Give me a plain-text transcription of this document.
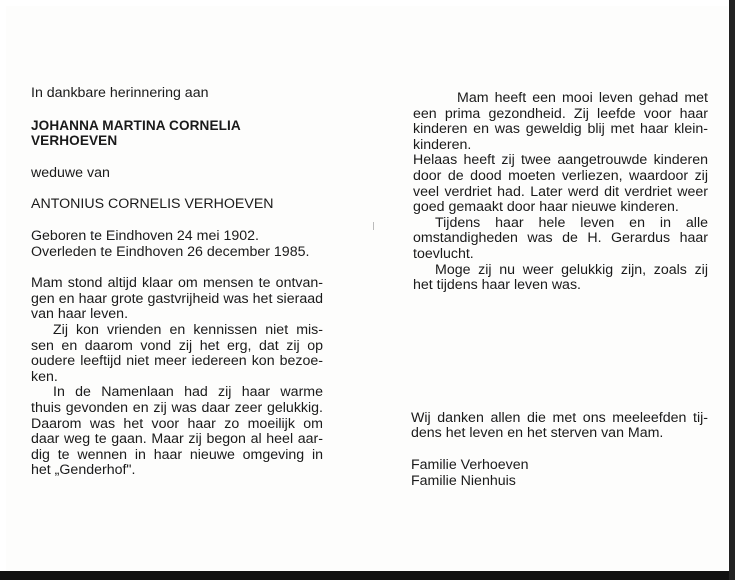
In dankbare herinnering aan

JOHANNA MARTINA CORNELIA

VERHOEVEN

weduwe van

ANTONIUS CORNELIS VERHOEVEN

Geboren te Eindhoven 24 mei 1902.

Overleden te Eindhoven 26 december 1985.

Mam stond altijd klaar om mensen te ontvan-

gen en haar grote gastvrijheid was het sieraad

van haar leven.

Zij kon vrienden en kennissen niet mis-

sen en daarom vond zij het erg, dat zij op

oudere leeftijd niet meer iedereen kon bezoe-

ken.

In de Namenlaan had zij haar warme

thuis gevonden en zij was daar zeer gelukkig.

Daarom was het voor haar zo moeilijk om

daar weg te gaan. Maar zij begon al heel aar-

dig te wennen in haar nieuwe omgeving in

het „Genderhof".

Mam heeft een mooi leven gehad met

een prima gezondheid. Zij leefde voor haar

kinderen en was geweldig blij met haar klein-

kinderen.

Helaas heeft zij twee aangetrouwde kinderen

door de dood moeten verliezen, waardoor zij

veel verdriet had. Later werd dit verdriet weer

goed gemaakt door haar nieuwe kinderen.

Tijdens haar hele leven en in alle

omstandigheden was de H. Gerardus haar

toevlucht.

Moge zij nu weer gelukkig zijn, zoals zij

het tijdens haar leven was.

Wij danken allen die met ons meeleefden tij-

dens het leven en het sterven van Mam.

Familie Verhoeven

Familie Nienhuis
